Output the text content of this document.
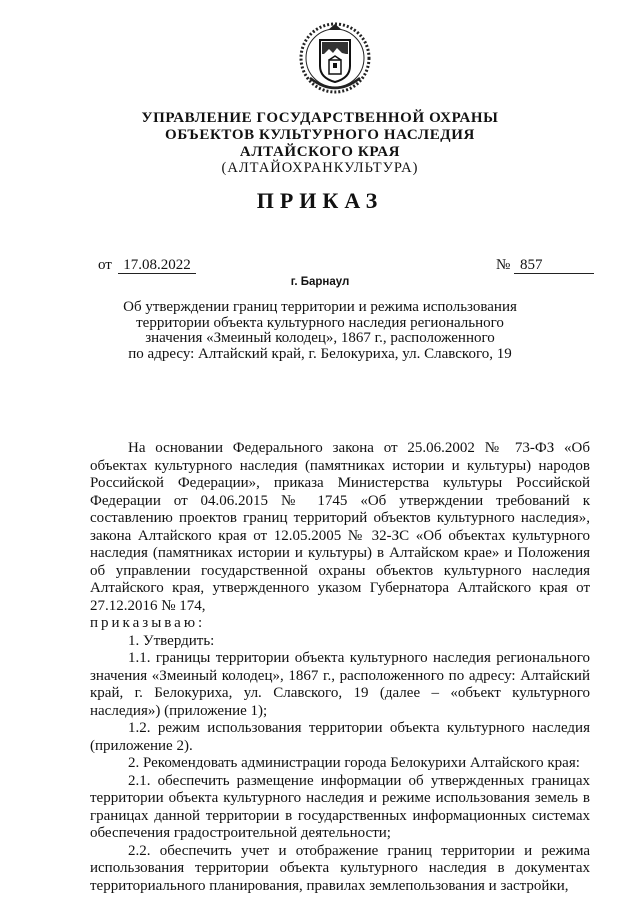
УПРАВЛЕНИЕ ГОСУДАРСТВЕННОЙ ОХРАНЫ
ОБЪЕКТОВ КУЛЬТУРНОГО НАСЛЕДИЯ
АЛТАЙСКОГО КРАЯ
(АЛТАЙОХРАНКУЛЬТУРА)
ПРИКАЗ
от 17.08.2022	№ 857
г. Барнаул
Об утверждении границ территории и режима использования
территории объекта культурного наследия регионального
значения «Змеиный колодец», 1867 г., расположенного
по адресу: Алтайский край, г. Белокуриха, ул. Славского, 19

На основании Федерального закона от 25.06.2002 № 73-ФЗ «Об объектах культурного наследия (памятниках истории и культуры) народов Российской Федерации», приказа Министерства культуры Российской Федерации от 04.06.2015 № 1745 «Об утверждении требований к составлению проектов границ территорий объектов культурного наследия», закона Алтайского края от 12.05.2005 № 32-ЗС «Об объектах культурного наследия (памятниках истории и культуры) в Алтайском крае» и Положения об управлении государственной охраны объектов культурного наследия Алтайского края, утвержденного указом Губернатора Алтайского края от 27.12.2016 № 174,

приказываю:

1. Утвердить:

1.1. границы территории объекта культурного наследия регионального значения «Змеиный колодец», 1867 г., расположенного по адресу: Алтайский край, г. Белокуриха, ул. Славского, 19 (далее – «объект культурного наследия») (приложение 1);

1.2. режим использования территории объекта культурного наследия (приложение 2).

2. Рекомендовать администрации города Белокурихи Алтайского края:

2.1. обеспечить размещение информации об утвержденных границах территории объекта культурного наследия и режиме использования земель в границах данной территории в государственных информационных системах обеспечения градостроительной деятельности;

2.2. обеспечить учет и отображение границ территории и режима использования территории объекта культурного наследия в документах территориального планирования, правилах землепользования и застройки,
